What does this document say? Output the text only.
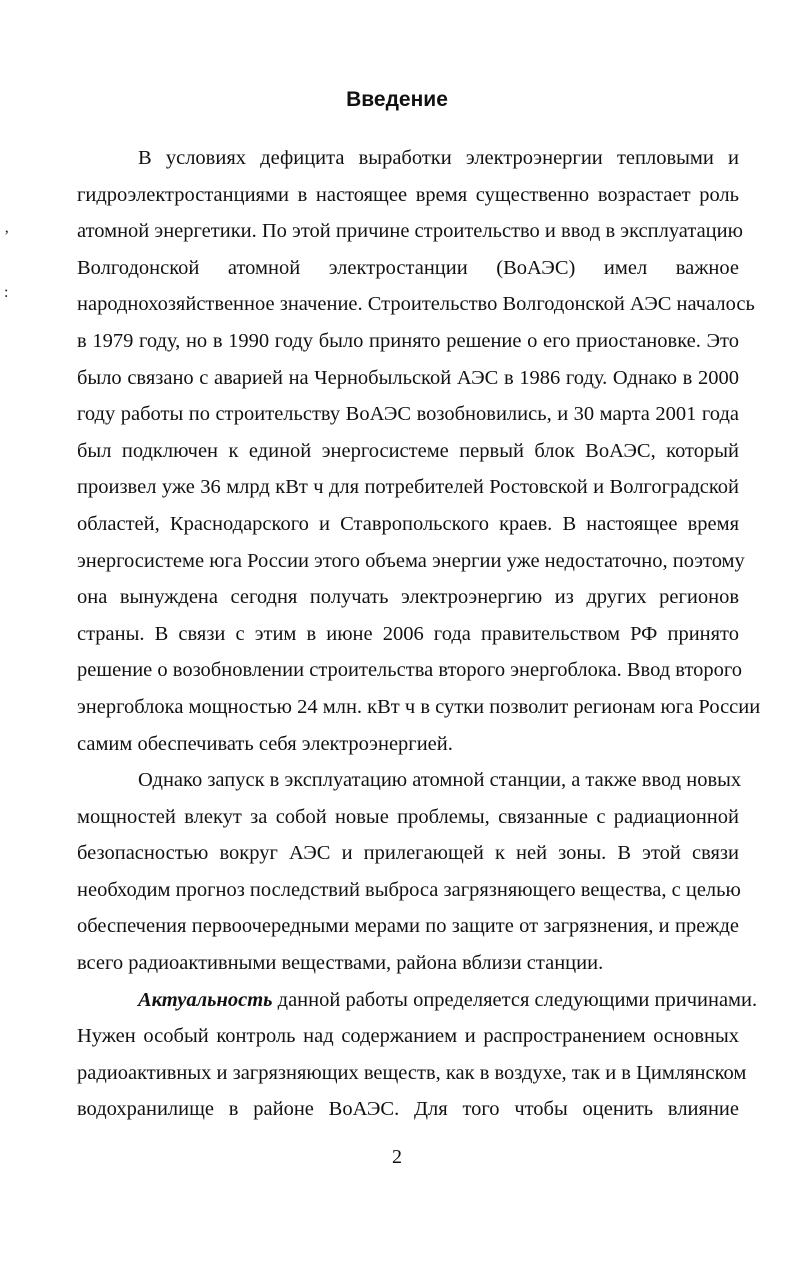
ʼ
:
Введение
В условиях дефицита выработки электроэнергии тепловыми и
гидроэлектростанциями в настоящее время существенно возрастает роль
атомной энергетики. По этой причине строительство и ввод в эксплуатацию
Волгодонской атомной электростанции (ВоАЭС) имел важное
народнохозяйственное значение. Строительство Волгодонской АЭС началось
в 1979 году, но в 1990 году было принято решение о его приостановке. Это
было связано с аварией на Чернобыльской АЭС в 1986 году. Однако в 2000
году работы по строительству ВоАЭС возобновились, и 30 марта 2001 года
был подключен к единой энергосистеме первый блок ВоАЭС, который
произвел уже 36 млрд кВт ч для потребителей Ростовской и Волгоградской
областей, Краснодарского и Ставропольского краев. В настоящее время
энергосистеме юга России этого объема энергии уже недостаточно, поэтому
она вынуждена сегодня получать электроэнергию из других регионов
страны. В связи с этим в июне 2006 года правительством РФ принято
решение о возобновлении строительства второго энергоблока. Ввод второго
энергоблока мощностью 24 млн. кВт ч в сутки позволит регионам юга России
самим обеспечивать себя электроэнергией.
Однако запуск в эксплуатацию атомной станции, а также ввод новых
мощностей влекут за собой новые проблемы, связанные с радиационной
безопасностью вокруг АЭС и прилегающей к ней зоны. В этой связи
необходим прогноз последствий выброса загрязняющего вещества, с целью
обеспечения первоочередными мерами по защите от загрязнения, и прежде
всего радиоактивными веществами, района вблизи станции.
Актуальность данной работы определяется следующими причинами.
Нужен особый контроль над содержанием и распространением основных
радиоактивных и загрязняющих веществ, как в воздухе, так и в Цимлянском
водохранилище в районе ВоАЭС. Для того чтобы оценить влияние
2
